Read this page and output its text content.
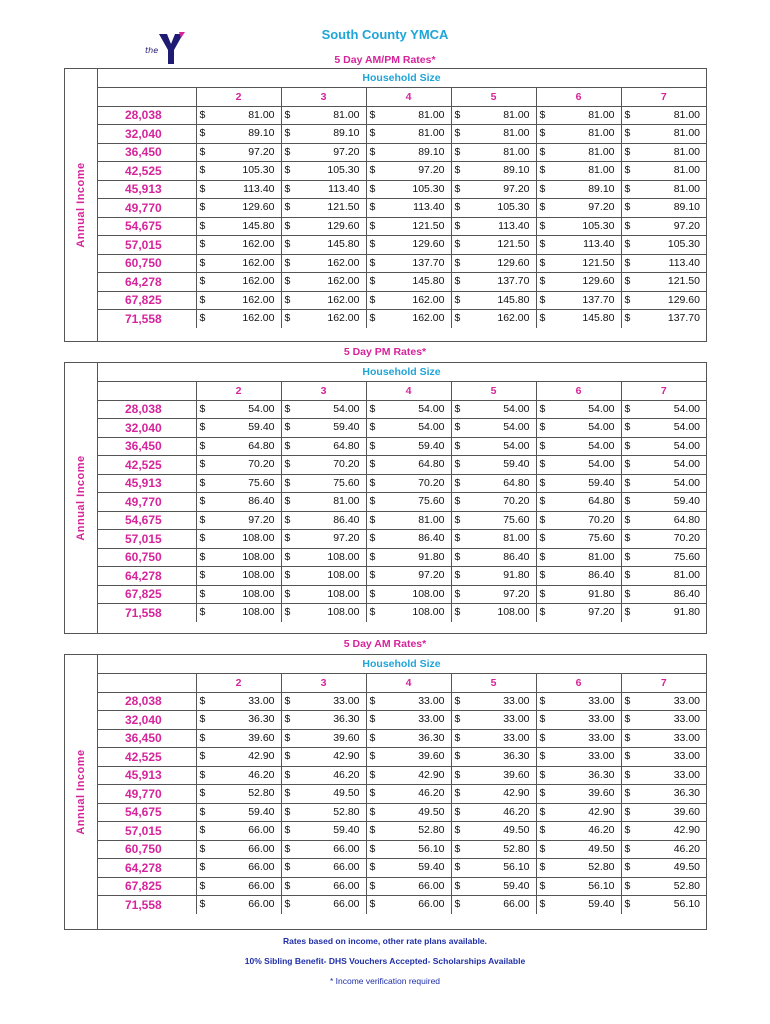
the
South County YMCA
5 Day AM/PM Rates*
Annual Income
Household Size
	2	3	4	5	6	7
28,038	$ 81.00	$ 81.00	$ 81.00	$ 81.00	$ 81.00	$ 81.00

32,040	$ 89.10	$ 89.10	$ 81.00	$ 81.00	$ 81.00	$ 81.00

36,450	$ 97.20	$ 97.20	$ 89.10	$ 81.00	$ 81.00	$ 81.00

42,525	$ 105.30	$ 105.30	$ 97.20	$ 89.10	$ 81.00	$ 81.00

45,913	$ 113.40	$ 113.40	$ 105.30	$ 97.20	$ 89.10	$ 81.00

49,770	$ 129.60	$ 121.50	$ 113.40	$ 105.30	$ 97.20	$ 89.10

54,675	$ 145.80	$ 129.60	$ 121.50	$ 113.40	$ 105.30	$ 97.20

57,015	$ 162.00	$ 145.80	$ 129.60	$ 121.50	$ 113.40	$ 105.30

60,750	$ 162.00	$ 162.00	$ 137.70	$ 129.60	$ 121.50	$ 113.40

64,278	$ 162.00	$ 162.00	$ 145.80	$ 137.70	$ 129.60	$ 121.50

67,825	$ 162.00	$ 162.00	$ 162.00	$ 145.80	$ 137.70	$ 129.60

71,558	$ 162.00	$ 162.00	$ 162.00	$ 162.00	$ 145.80	$ 137.70
5 Day PM Rates*
Annual Income
Household Size
	2	3	4	5	6	7
28,038	$ 54.00	$ 54.00	$ 54.00	$ 54.00	$ 54.00	$ 54.00

32,040	$ 59.40	$ 59.40	$ 54.00	$ 54.00	$ 54.00	$ 54.00

36,450	$ 64.80	$ 64.80	$ 59.40	$ 54.00	$ 54.00	$ 54.00

42,525	$ 70.20	$ 70.20	$ 64.80	$ 59.40	$ 54.00	$ 54.00

45,913	$ 75.60	$ 75.60	$ 70.20	$ 64.80	$ 59.40	$ 54.00

49,770	$ 86.40	$ 81.00	$ 75.60	$ 70.20	$ 64.80	$ 59.40

54,675	$ 97.20	$ 86.40	$ 81.00	$ 75.60	$ 70.20	$ 64.80

57,015	$ 108.00	$ 97.20	$ 86.40	$ 81.00	$ 75.60	$ 70.20

60,750	$ 108.00	$ 108.00	$ 91.80	$ 86.40	$ 81.00	$ 75.60

64,278	$ 108.00	$ 108.00	$ 97.20	$ 91.80	$ 86.40	$ 81.00

67,825	$ 108.00	$ 108.00	$ 108.00	$ 97.20	$ 91.80	$ 86.40

71,558	$ 108.00	$ 108.00	$ 108.00	$ 108.00	$ 97.20	$ 91.80
5 Day AM Rates*
Annual Income
Household Size
	2	3	4	5	6	7
28,038	$ 33.00	$ 33.00	$ 33.00	$ 33.00	$ 33.00	$ 33.00

32,040	$ 36.30	$ 36.30	$ 33.00	$ 33.00	$ 33.00	$ 33.00

36,450	$ 39.60	$ 39.60	$ 36.30	$ 33.00	$ 33.00	$ 33.00

42,525	$ 42.90	$ 42.90	$ 39.60	$ 36.30	$ 33.00	$ 33.00

45,913	$ 46.20	$ 46.20	$ 42.90	$ 39.60	$ 36.30	$ 33.00

49,770	$ 52.80	$ 49.50	$ 46.20	$ 42.90	$ 39.60	$ 36.30

54,675	$ 59.40	$ 52.80	$ 49.50	$ 46.20	$ 42.90	$ 39.60

57,015	$ 66.00	$ 59.40	$ 52.80	$ 49.50	$ 46.20	$ 42.90

60,750	$ 66.00	$ 66.00	$ 56.10	$ 52.80	$ 49.50	$ 46.20

64,278	$ 66.00	$ 66.00	$ 59.40	$ 56.10	$ 52.80	$ 49.50

67,825	$ 66.00	$ 66.00	$ 66.00	$ 59.40	$ 56.10	$ 52.80

71,558	$ 66.00	$ 66.00	$ 66.00	$ 66.00	$ 59.40	$ 56.10
Rates based on income, other rate plans available.
10% Sibling Benefit- DHS Vouchers Accepted- Scholarships Available
* Income verification required
